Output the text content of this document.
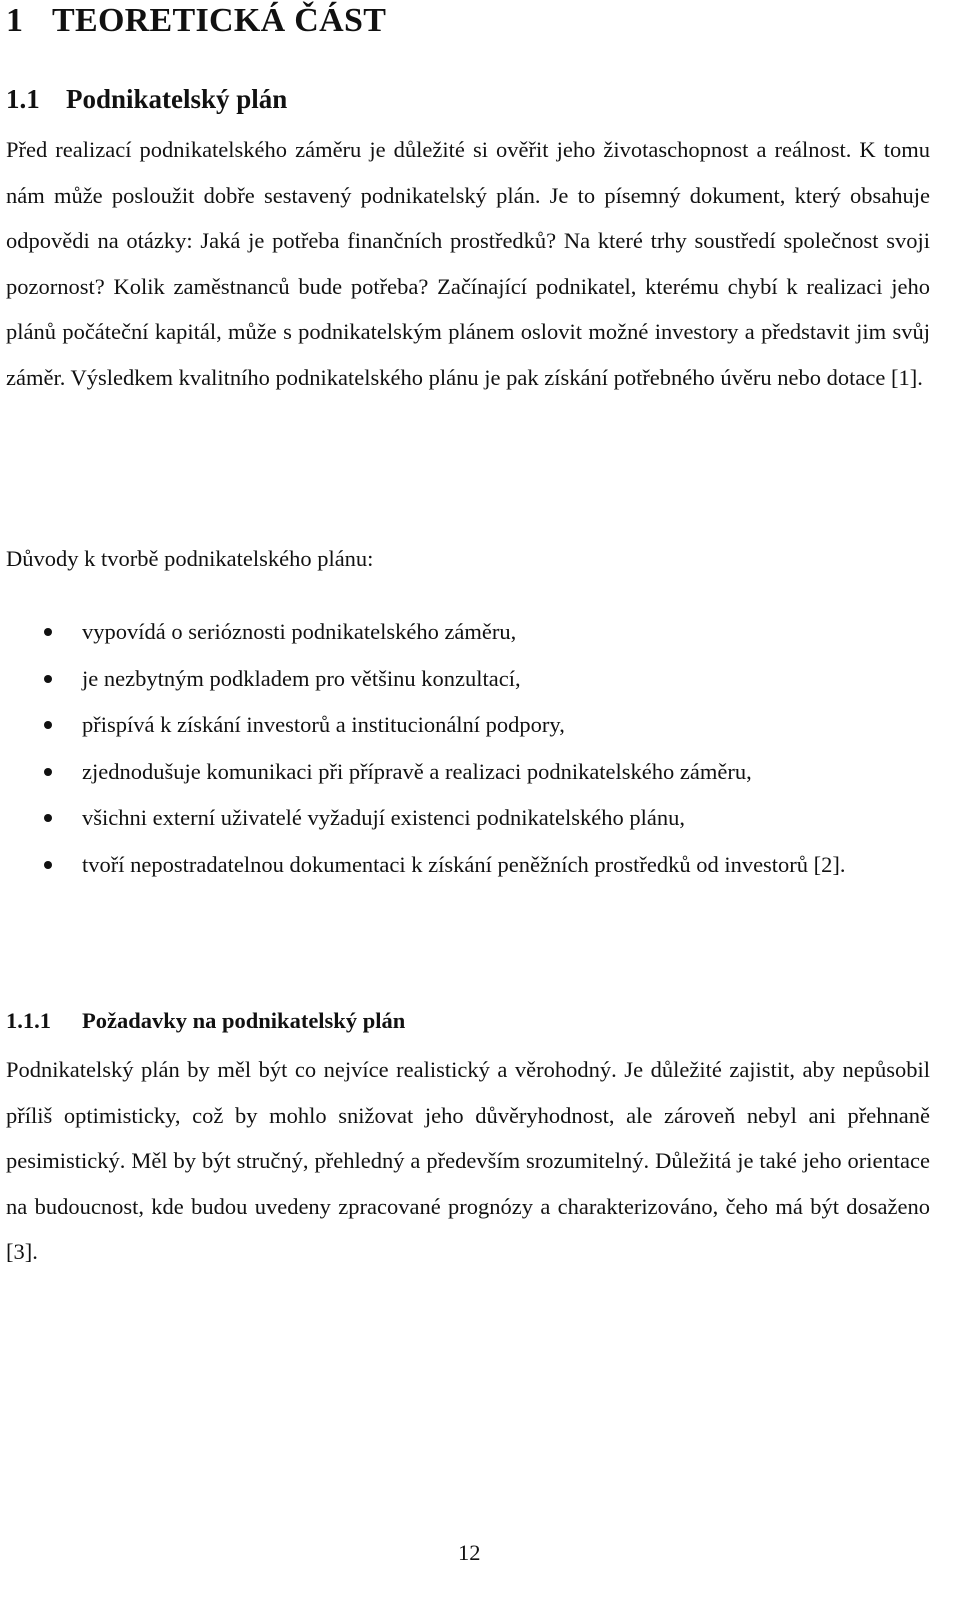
1 TEORETICKÁ ČÁST
1.1 Podnikatelský plán

Před realizací podnikatelského záměru je důležité si ověřit jeho životaschopnost a reálnost. K tomu nám může posloužit dobře sestavený podnikatelský plán. Je to písemný dokument, který obsahuje odpovědi na otázky: Jaká je potřeba finančních prostředků? Na které trhy soustředí společnost svoji pozornost? Kolik zaměstnanců bude potřeba? Začínající podnikatel, kterému chybí k realizaci jeho plánů počáteční kapitál, může s podnikatelským plánem oslovit možné investory a představit jim svůj záměr. Výsledkem kvalitního podnikatelského plánu je pak získání potřebného úvěru nebo dotace [1].

Důvody k tvorbě podnikatelského plánu:

vypovídá o serióznosti podnikatelského záměru,
je nezbytným podkladem pro většinu konzultací,
přispívá k získání investorů a institucionální podpory,
zjednodušuje komunikaci při přípravě a realizaci podnikatelského záměru,
všichni externí uživatelé vyžadují existenci podnikatelského plánu,
tvoří nepostradatelnou dokumentaci k získání peněžních prostředků od investorů [2].
1.1.1 Požadavky na podnikatelský plán

Podnikatelský plán by měl být co nejvíce realistický a věrohodný. Je důležité zajistit, aby nepůsobil příliš optimisticky, což by mohlo snižovat jeho důvěryhodnost, ale zároveň nebyl ani přehnaně pesimistický. Měl by být stručný, přehledný a především srozumitelný. Důležitá je také jeho orientace na budoucnost, kde budou uvedeny zpracované prognózy a charakterizováno, čeho má být dosaženo [3].

12
